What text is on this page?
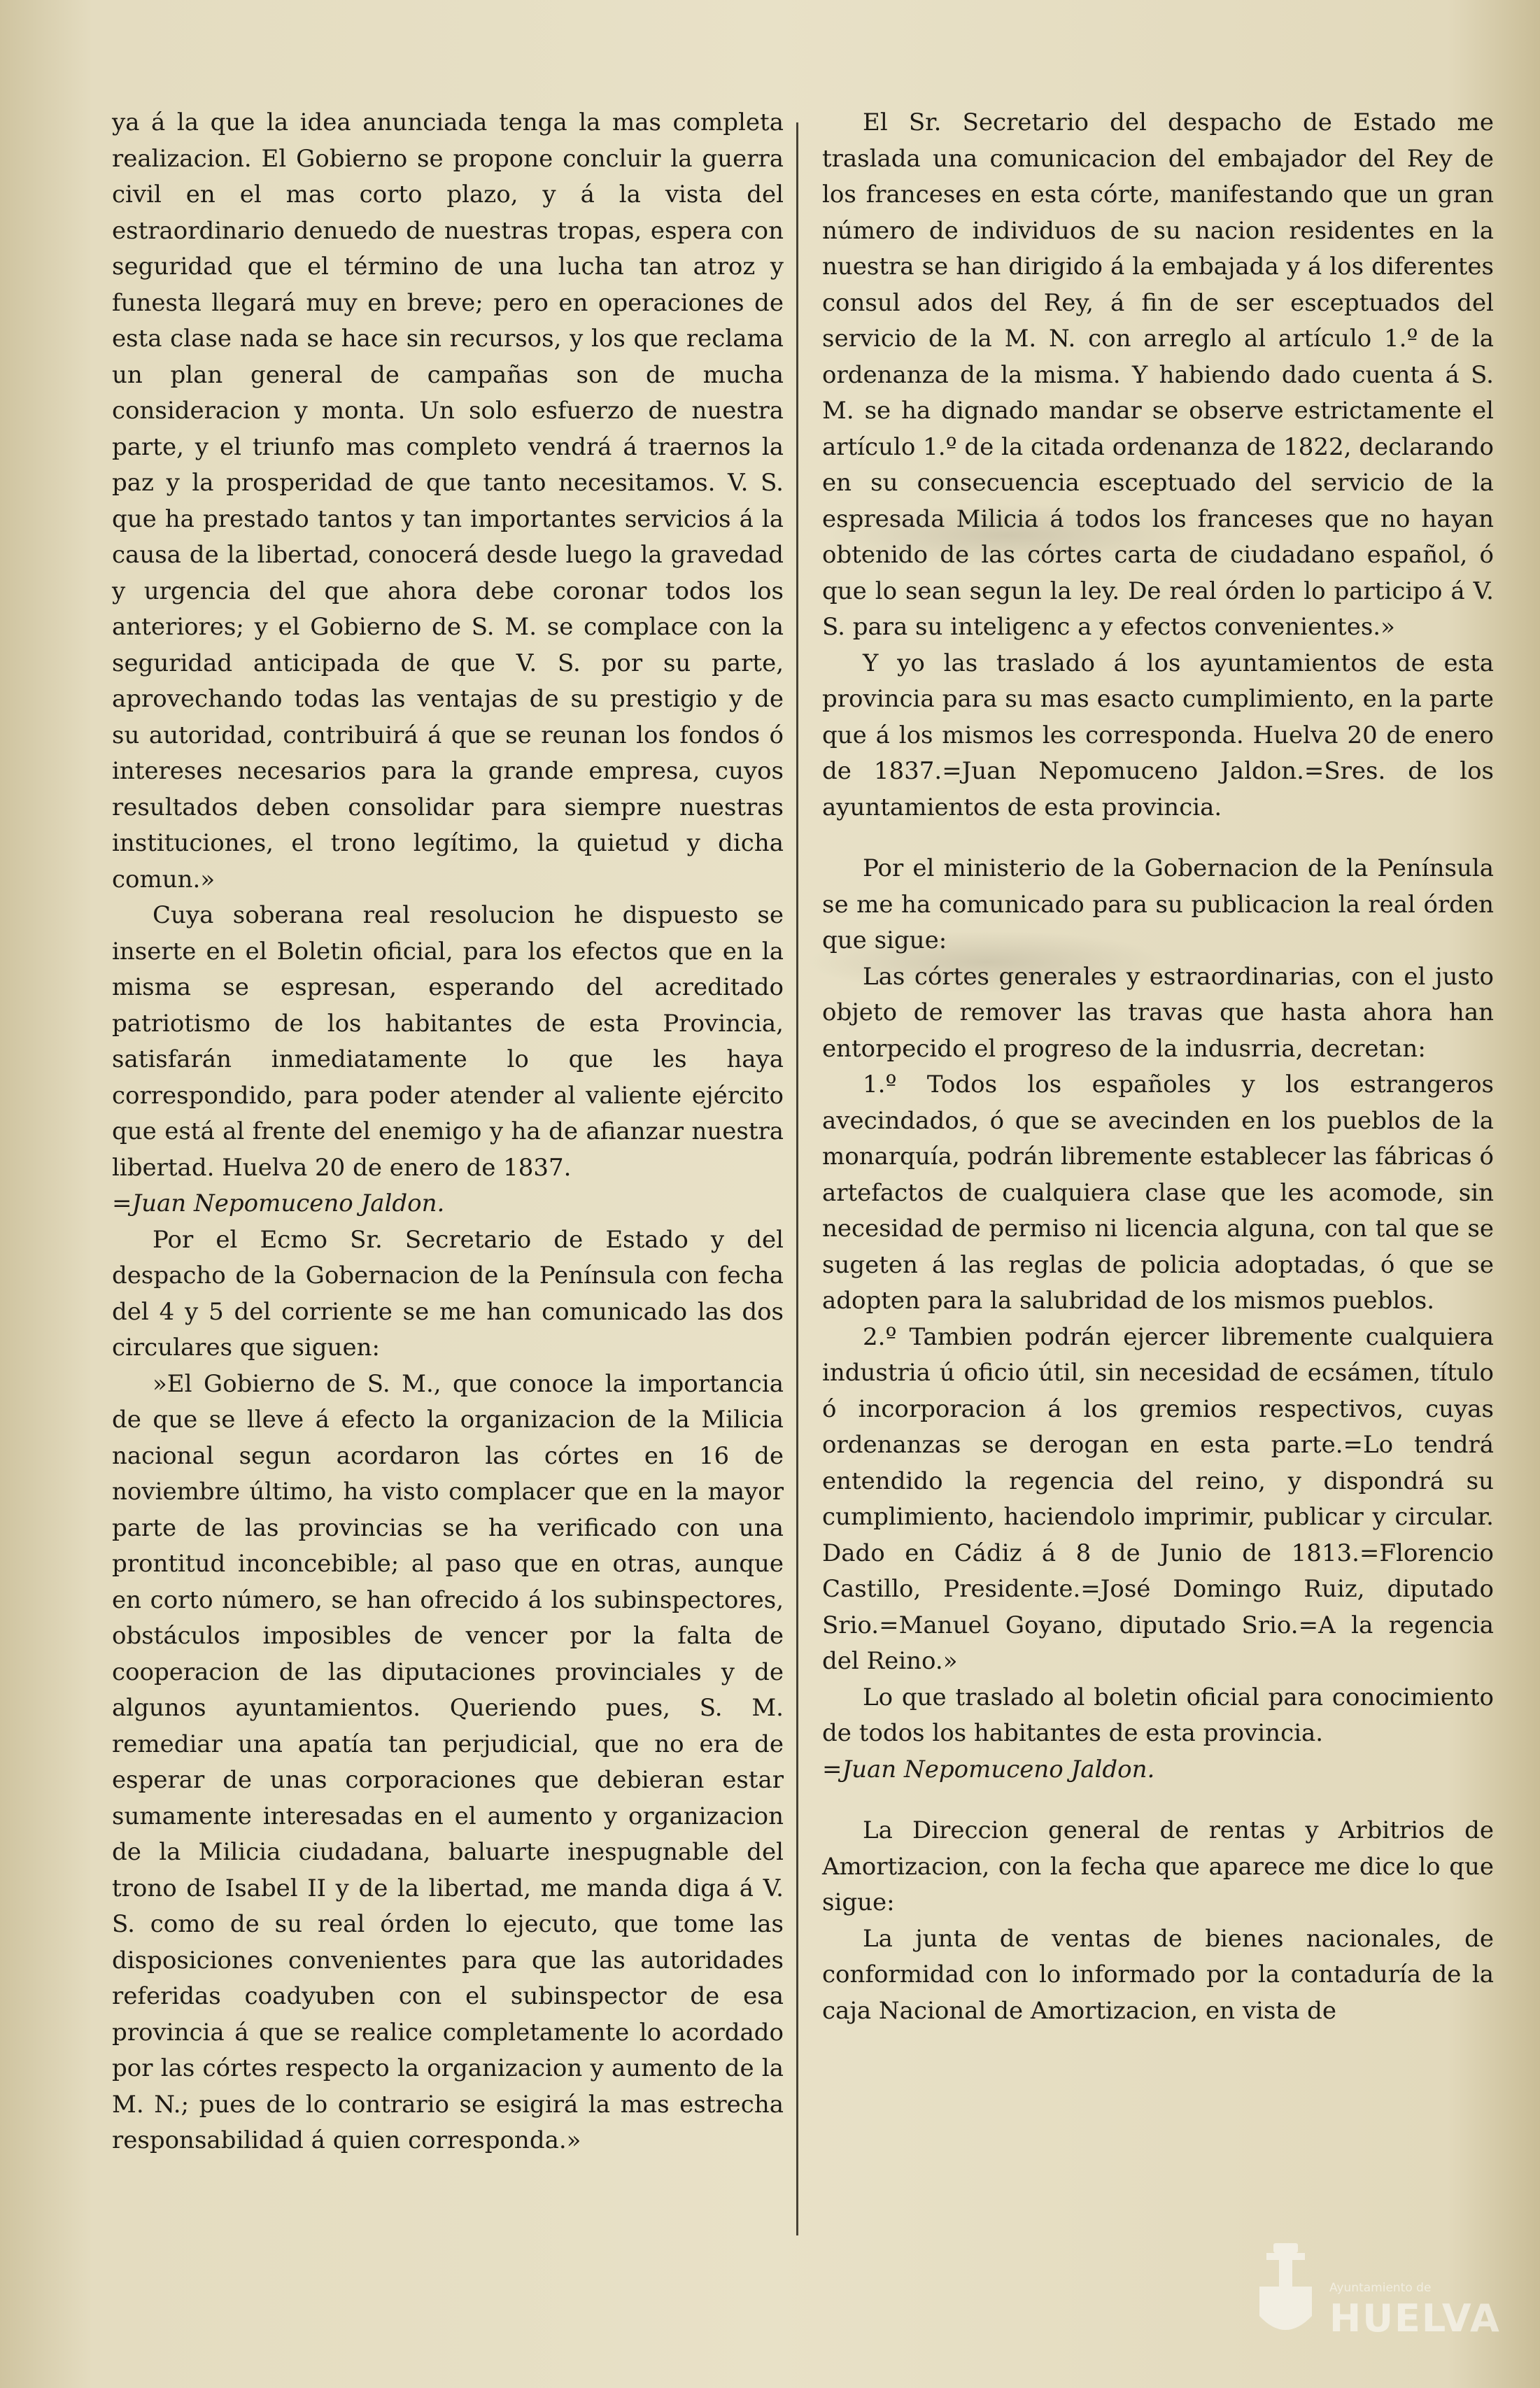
ya á la que la idea anunciada tenga la mas completa realizacion. El Gobierno se propone concluir la guerra civil en el mas corto plazo, y á la vista del estraordinario denuedo de nuestras tropas, espera con seguridad que el término de una lucha tan atroz y funesta llegará muy en breve; pero en operaciones de esta clase nada se hace sin recursos, y los que reclama un plan general de campañas son de mucha consideracion y monta. Un solo esfuerzo de nuestra parte, y el triunfo mas completo vendrá á traernos la paz y la prosperidad de que tanto necesitamos. V. S. que ha prestado tantos y tan importantes servicios á la causa de la libertad, conocerá desde luego la gravedad y urgencia del que ahora debe coronar todos los anteriores; y el Gobierno de S. M. se complace con la seguridad anticipada de que V. S. por su parte, aprovechando todas las ventajas de su prestigio y de su autoridad, contribuirá á que se reunan los fondos ó intereses necesarios para la grande empresa, cuyos resultados deben consolidar para siempre nuestras instituciones, el trono legítimo, la quietud y dicha comun.»

Cuya soberana real resolucion he dispuesto se inserte en el Boletin oficial, para los efectos que en la misma se espresan, esperando del acreditado patriotismo de los habitantes de esta Provincia, satisfarán inmediatamente lo que les haya correspondido, para poder atender al valiente ejército que está al frente del enemigo y ha de afianzar nuestra libertad. Huelva 20 de enero de 1837.

=Juan Nepomuceno Jaldon.

Por el Ecmo Sr. Secretario de Estado y del despacho de la Gobernacion de la Península con fecha del 4 y 5 del corriente se me han comunicado las dos circulares que siguen:

»El Gobierno de S. M., que conoce la importancia de que se lleve á efecto la organizacion de la Milicia nacional segun acordaron las córtes en 16 de noviembre último, ha visto complacer que en la mayor parte de las provincias se ha verificado con una prontitud inconcebible; al paso que en otras, aunque en corto número, se han ofrecido á los subinspectores, obstáculos imposibles de vencer por la falta de cooperacion de las diputaciones provinciales y de algunos ayuntamientos. Queriendo pues, S. M. remediar una apatía tan perjudicial, que no era de esperar de unas corporaciones que debieran estar sumamente interesadas en el aumento y organizacion de la Milicia ciudadana, baluarte inespugnable del trono de Isabel II y de la libertad, me manda diga á V. S. como de su real órden lo ejecuto, que tome las disposiciones convenientes para que las autoridades referidas coadyuben con el subinspector de esa provincia á que se realice completamente lo acordado por las córtes respecto la organizacion y aumento de la M. N.; pues de lo contrario se esigirá la mas estrecha responsabilidad á quien corresponda.»

El Sr. Secretario del despacho de Estado me traslada una comunicacion del embajador del Rey de los franceses en esta córte, manifestando que un gran número de individuos de su nacion residentes en la nuestra se han dirigido á la embajada y á los diferentes consul ados del Rey, á fin de ser esceptuados del servicio de la M. N. con arreglo al artículo 1.º de la ordenanza de la misma. Y habiendo dado cuenta á S. M. se ha dignado mandar se observe estrictamente el artículo 1.º de la citada ordenanza de 1822, declarando en su consecuencia esceptuado del servicio de la espresada Milicia á todos los franceses que no hayan obtenido de las córtes carta de ciudadano español, ó que lo sean segun la ley. De real órden lo participo á V. S. para su inteligenc a y efectos convenientes.»

Y yo las traslado á los ayuntamientos de esta provincia para su mas esacto cumplimiento, en la parte que á los mismos les corresponda. Huelva 20 de enero de 1837.=Juan Nepomuceno Jaldon.=Sres. de los ayuntamientos de esta provincia.

Por el ministerio de la Gobernacion de la Península se me ha comunicado para su publicacion la real órden que sigue:

Las córtes generales y estraordinarias, con el justo objeto de remover las travas que hasta ahora han entorpecido el progreso de la indusrria, decretan:

1.º Todos los españoles y los estrangeros avecindados, ó que se avecinden en los pueblos de la monarquía, podrán libremente establecer las fábricas ó artefactos de cualquiera clase que les acomode, sin necesidad de permiso ni licencia alguna, con tal que se sugeten á las reglas de policia adoptadas, ó que se adopten para la salubridad de los mismos pueblos.

2.º Tambien podrán ejercer libremente cualquiera industria ú oficio útil, sin necesidad de ecsámen, título ó incorporacion á los gremios respectivos, cuyas ordenanzas se derogan en esta parte.=Lo tendrá entendido la regencia del reino, y dispondrá su cumplimiento, haciendolo imprimir, publicar y circular. Dado en Cádiz á 8 de Junio de 1813.=Florencio Castillo, Presidente.=José Domingo Ruiz, diputado Srio.=Manuel Goyano, diputado Srio.=A la regencia del Reino.»

Lo que traslado al boletin oficial para conocimiento de todos los habitantes de esta provincia.

=Juan Nepomuceno Jaldon.

La Direccion general de rentas y Arbitrios de Amortizacion, con la fecha que aparece me dice lo que sigue:

La junta de ventas de bienes nacionales, de conformidad con lo informado por la contaduría de la caja Nacional de Amortizacion, en vista de

Ayuntamiento de
HUELVA
